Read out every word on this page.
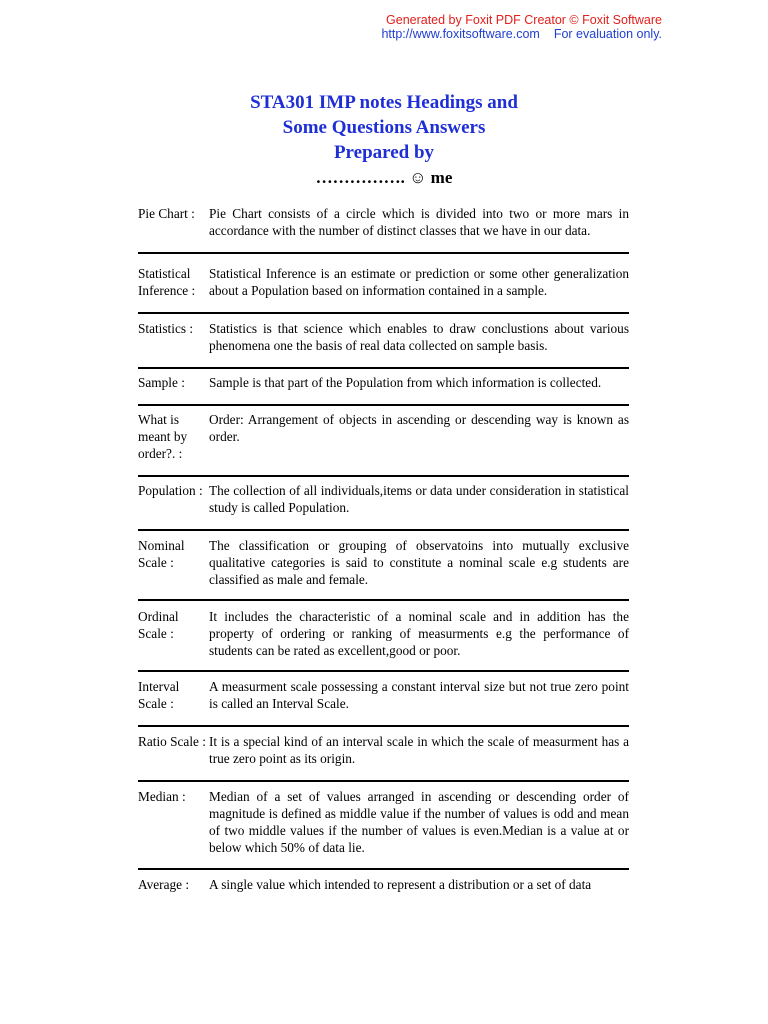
Generated by Foxit PDF Creator © Foxit Software
http://www.foxitsoftware.com For evaluation only.
STA301 IMP notes Headings and
Some Questions Answers
Prepared by
……………. ☺ me
Pie Chart :	Pie Chart consists of a circle which is divided into two or more mars in accordance with the number of distinct classes that we have in our data.
Statistical Inference :
Statistical Inference is an estimate or prediction or some other generalization about a Population based on information contained in a sample.
Statistics :	Statistics is that science which enables to draw conclustions about various phenomena one the basis of real data collected on sample basis.
Sample :	Sample is that part of the Population from which information is collected.
What is meant by order?. :
Order: Arrangement of objects in ascending or descending way is known as order.
Population : The collection of all individuals,items or data under consideration in statistical study is called Population.
Nominal Scale :
The classification or grouping of observatoins into mutually exclusive qualitative categories is said to constitute a nominal scale e.g students are classified as male and female.
Ordinal Scale :
It includes the characteristic of a nominal scale and in addition has the property of ordering or ranking of measurments e.g the performance of students can be rated as excellent,good or poor.
Interval Scale :
A measurment scale possessing a constant interval size but not true zero point is called an Interval Scale.
Ratio Scale : It is a special kind of an interval scale in which the scale of measurment has a true zero point as its origin.
Median :	Median of a set of values arranged in ascending or descending order of magnitude is defined as middle value if the number of values is odd and mean of two middle values if the number of values is even.Median is a value at or below which 50% of data lie.
Average :	A single value which intended to represent a distribution or a set of data
